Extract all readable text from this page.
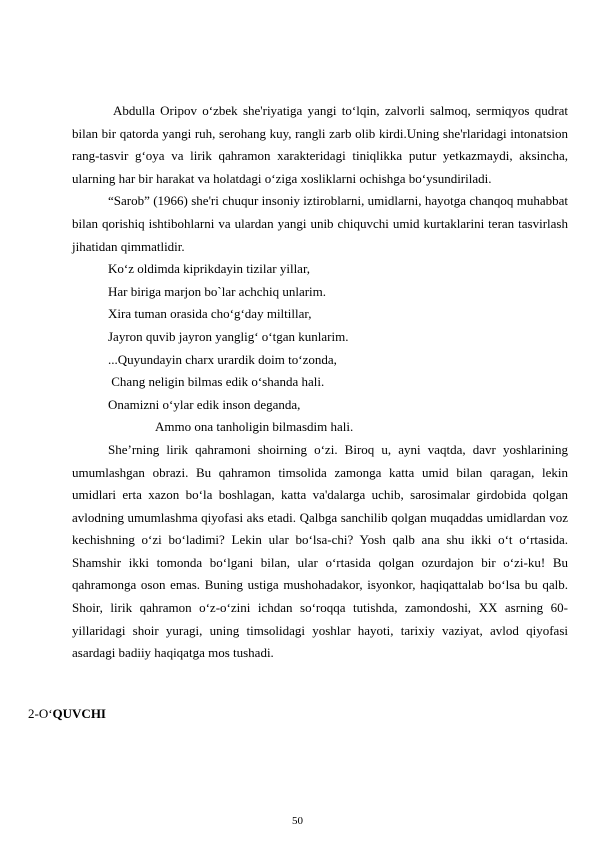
Abdulla Oripov o‘zbek she'riyatiga yangi to‘lqin, zalvorli salmoq, sermiqyos qudrat bilan bir qatorda yangi ruh, serohang kuy, rangli zarb olib kirdi.Uning she'rlaridagi intonatsion rang-tasvir g‘oya va lirik qahramon xarakteridagi tiniqlikka putur yetkazmaydi, aksincha, ularning har bir harakat va holatdagi o‘ziga xosliklarni ochishga bo‘ysundiriladi.

“Sarob” (1966) she'ri chuqur insoniy iztiroblarni, umidlarni, hayotga chanqoq muhabbat bilan qorishiq ishtibohlarni va ulardan yangi unib chiquvchi umid kurtaklarini teran tasvirlash jihatidan qimmatlidir.

Ko‘z oldimda kiprikdayin tizilar yillar,

Har biriga marjon bo`lar achchiq unlarim.

Xira tuman orasida cho‘g‘day miltillar,

Jayron quvib jayron yanglig‘ o‘tgan kunlarim.

...Quyundayin charx urardik doim to‘zonda,

Chang neligin bilmas edik o‘shanda hali.

Onamizni o‘ylar edik inson deganda,

Ammo ona tanholigin bilmasdim hali.

She’rning lirik qahramoni shoirning o‘zi. Biroq u, ayni vaqtda, davr yoshlarining umumlashgan obrazi. Bu qahramon timsolida zamonga katta umid bilan qaragan, lekin umidlari erta xazon bo‘la boshlagan, katta va'dalarga uchib, sarosimalar girdobida qolgan avlodning umumlashma qiyofasi aks etadi. Qalbga sanchilib qolgan muqaddas umidlardan voz kechishning o‘zi bo‘ladimi? Lekin ular bo‘lsa-chi? Yosh qalb ana shu ikki o‘t o‘rtasida. Shamshir ikki tomonda bo‘lgani bilan, ular o‘rtasida qolgan ozurdajon bir o‘zi-ku! Bu qahramonga oson emas. Buning ustiga mushohadakor, isyonkor, haqiqattalab bo‘lsa bu qalb. Shoir, lirik qahramon o‘z-o‘zini ichdan so‘roqqa tutishda, zamondoshi, XX asrning 60- yillaridagi shoir yuragi, uning timsolidagi yoshlar hayoti, tarixiy vaziyat, avlod qiyofasi asardagi badiiy haqiqatga mos tushadi.

2-O‘QUVCHI
50
